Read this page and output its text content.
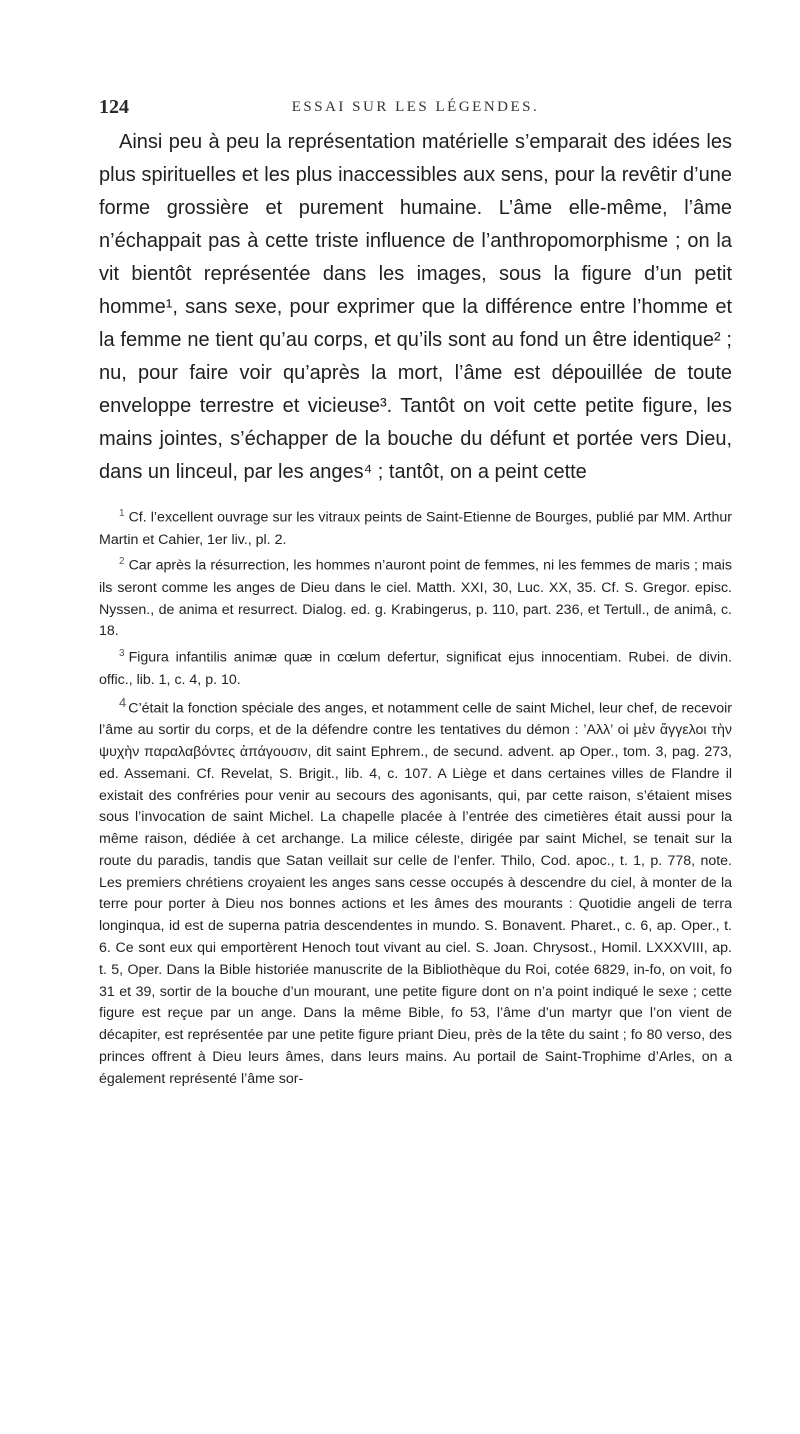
124	ESSAI SUR LES LÉGENDES.

Ainsi peu à peu la représentation matérielle s’emparait des idées les plus spirituelles et les plus inaccessibles aux sens, pour la revêtir d’une forme grossière et purement humaine. L’âme elle-même, l’âme n’échappait pas à cette triste influence de l’anthropomorphisme ; on la vit bientôt représentée dans les images, sous la figure d’un petit homme¹, sans sexe, pour exprimer que la différence entre l’homme et la femme ne tient qu’au corps, et qu’ils sont au fond un être identique² ; nu, pour faire voir qu’après la mort, l’âme est dépouillée de toute enveloppe terrestre et vicieuse³. Tantôt on voit cette petite figure, les mains jointes, s’échapper de la bouche du défunt et portée vers Dieu, dans un linceul, par les anges⁴ ; tantôt, on a peint cette

$^1$ Cf. l’excellent ouvrage sur les vitraux peints de Saint-Etienne de Bourges, publié par MM. Arthur Martin et Cahier, 1er liv., pl. 2.

$^2$ Car après la résurrection, les hommes n’auront point de femmes, ni les femmes de maris ; mais ils seront comme les anges de Dieu dans le ciel. Matth. XXI, 30, Luc. XX, 35. Cf. S. Gregor. episc. Nyssen., de anima et resurrect. Dialog. ed. g. Krabingerus, p. 110, part. 236, et Tertull., de animâ, c. 18.

$^3$ Figura infantilis animæ quæ in cœlum defertur, significat ejus innocentiam. Rubei. de divin. offic., lib. 1, c. 4, p. 10.

4 C’était la fonction spéciale des anges, et notamment celle de saint Michel, leur chef, de recevoir l’âme au sortir du corps, et de la défendre contre les tentatives du démon : ’Αλλ’ οἱ μὲν ἄγγελοι τὴν ψυχὴν παραλαβόντες ἀπάγουσιν, dit saint Ephrem., de secund. advent. ap Oper., tom. 3, pag. 273, ed. Assemani. Cf. Revelat, S. Brigit., lib. 4, c. 107. A Liège et dans certaines villes de Flandre il existait des confréries pour venir au secours des agonisants, qui, par cette raison, s’étaient mises sous l’invocation de saint Michel. La chapelle placée à l’entrée des cimetières était aussi pour la même raison, dédiée à cet archange. La milice céleste, dirigée par saint Michel, se tenait sur la route du paradis, tandis que Satan veillait sur celle de l’enfer. Thilo, Cod. apoc., t. 1, p. 778, note. Les premiers chrétiens croyaient les anges sans cesse occupés à descendre du ciel, à monter de la terre pour porter à Dieu nos bonnes actions et les âmes des mourants : Quotidie angeli de terra longinqua, id est de superna patria descendentes in mundo. S. Bonavent. Pharet., c. 6, ap. Oper., t. 6. Ce sont eux qui emportèrent Henoch tout vivant au ciel. S. Joan. Chrysost., Homil. LXXXVIII, ap. t. 5, Oper. Dans la Bible historiée manuscrite de la Bibliothèque du Roi, cotée 6829, in-fo, on voit, fo 31 et 39, sortir de la bouche d’un mourant, une petite figure dont on n’a point indiqué le sexe ; cette figure est reçue par un ange. Dans la même Bible, fo 53, l’âme d’un martyr que l’on vient de décapiter, est représentée par une petite figure priant Dieu, près de la tête du saint ; fo 80 verso, des princes offrent à Dieu leurs âmes, dans leurs mains. Au portail de Saint-Trophime d’Arles, on a également représenté l’âme sor-
